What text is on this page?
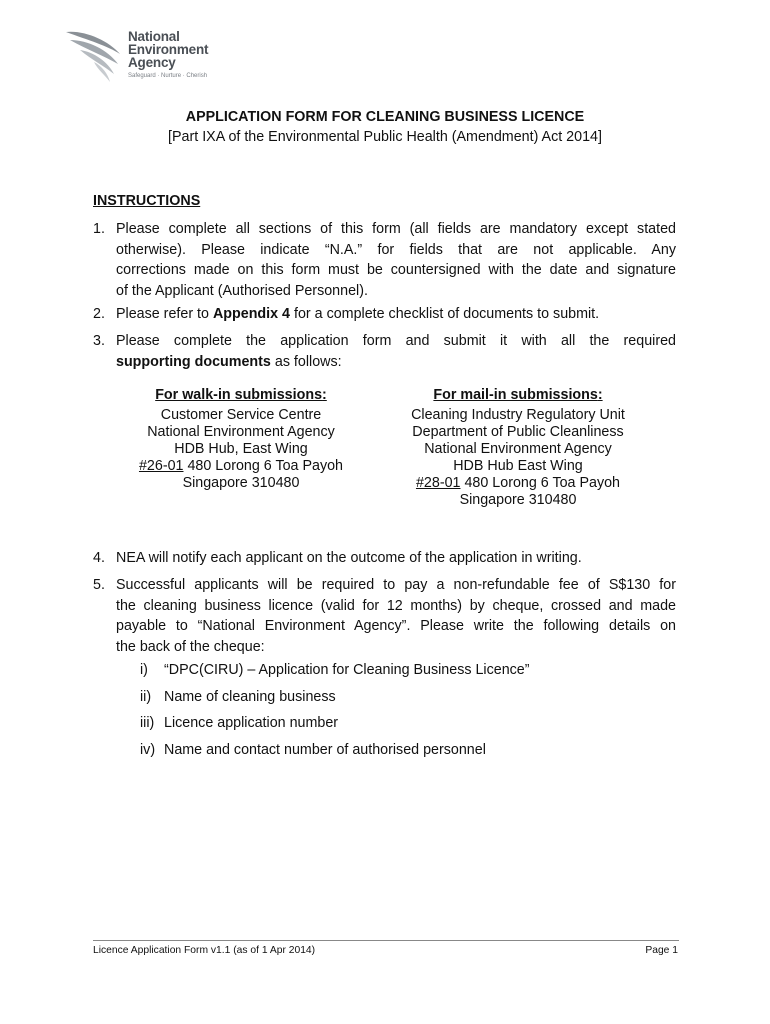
National
Environment
Agency
Safeguard · Nurture · Cherish
APPLICATION FORM FOR CLEANING BUSINESS LICENCE
[Part IXA of the Environmental Public Health (Amendment) Act 2014]
INSTRUCTIONS
1. Please complete all sections of this form (all fields are mandatory except stated
otherwise). Please indicate “N.A.” for fields that are not applicable. Any
corrections made on this form must be countersigned with the date and signature
of the Applicant (Authorised Personnel).
2. Please refer to Appendix 4 for a complete checklist of documents to submit.
3. Please complete the application form and submit it with all the required
supporting documents as follows:
For walk-in submissions:
Customer Service Centre
National Environment Agency
HDB Hub, East Wing
#26-01 480 Lorong 6 Toa Payoh
Singapore 310480
For mail-in submissions:
Cleaning Industry Regulatory Unit
Department of Public Cleanliness
National Environment Agency
HDB Hub East Wing
#28-01 480 Lorong 6 Toa Payoh
Singapore 310480
4. NEA will notify each applicant on the outcome of the application in writing.
5. Successful applicants will be required to pay a non-refundable fee of S$130 for
the cleaning business licence (valid for 12 months) by cheque, crossed and made
payable to “National Environment Agency”. Please write the following details on
the back of the cheque:
i) “DPC(CIRU) – Application for Cleaning Business Licence”
ii) Name of cleaning business
iii) Licence application number
iv) Name and contact number of authorised personnel
Licence Application Form v1.1 (as of 1 Apr 2014)	Page 1
